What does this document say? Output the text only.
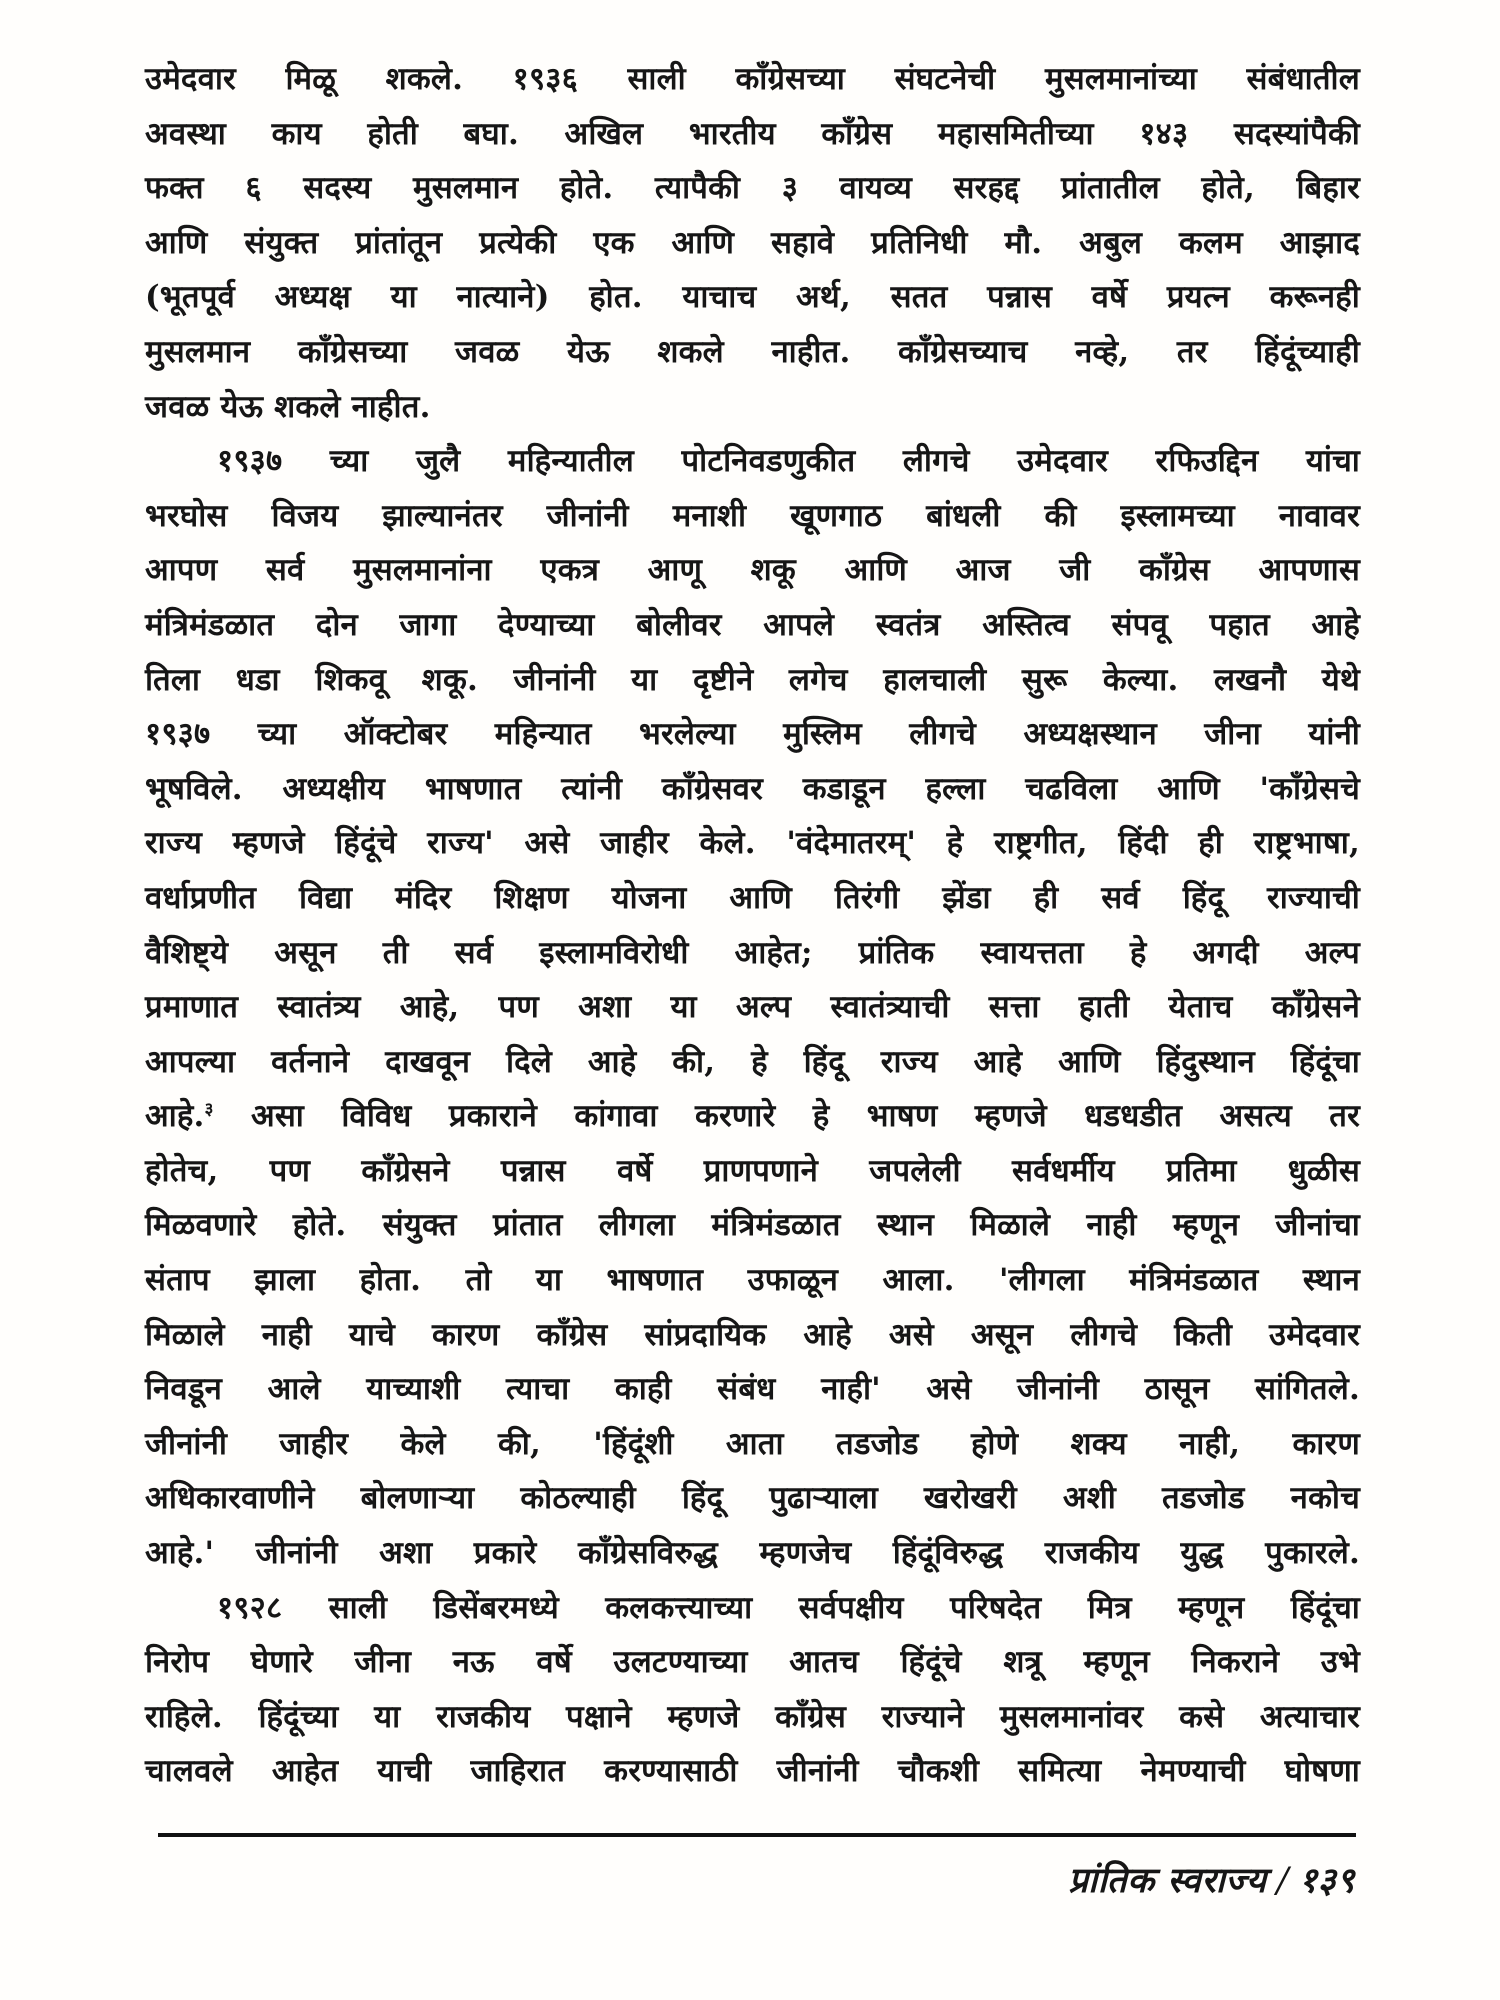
उमेदवार मिळू शकले. १९३६ साली काँग्रेसच्या संघटनेची मुसलमानांच्या संबंधातील
अवस्था काय होती बघा. अखिल भारतीय काँग्रेस महासमितीच्या १४३ सदस्यांपैकी
फक्त ६ सदस्य मुसलमान होते. त्यापैकी ३ वायव्य सरहद्द प्रांतातील होते, बिहार
आणि संयुक्त प्रांतांतून प्रत्येकी एक आणि सहावे प्रतिनिधी मौ. अबुल कलम आझाद
(भूतपूर्व अध्यक्ष या नात्याने) होत. याचाच अर्थ, सतत पन्नास वर्षे प्रयत्न करूनही
मुसलमान काँग्रेसच्या जवळ येऊ शकले नाहीत. काँग्रेसच्याच नव्हे, तर हिंदूंच्याही
जवळ येऊ शकले नाहीत.
१९३७ च्या जुलै महिन्यातील पोटनिवडणुकीत लीगचे उमेदवार रफिउद्दिन यांचा
भरघोस विजय झाल्यानंतर जीनांनी मनाशी खूणगाठ बांधली की इस्लामच्या नावावर
आपण सर्व मुसलमानांना एकत्र आणू शकू आणि आज जी काँग्रेस आपणास
मंत्रिमंडळात दोन जागा देण्याच्या बोलीवर आपले स्वतंत्र अस्तित्व संपवू पहात आहे
तिला धडा शिकवू शकू. जीनांनी या दृष्टीने लगेच हालचाली सुरू केल्या. लखनौ येथे
१९३७ च्या ऑक्टोबर महिन्यात भरलेल्या मुस्लिम लीगचे अध्यक्षस्थान जीना यांनी
भूषविले. अध्यक्षीय भाषणात त्यांनी काँग्रेसवर कडाडून हल्ला चढविला आणि 'काँग्रेसचे
राज्य म्हणजे हिंदूंचे राज्य' असे जाहीर केले. 'वंदेमातरम्' हे राष्ट्रगीत, हिंदी ही राष्ट्रभाषा,
वर्धाप्रणीत विद्या मंदिर शिक्षण योजना आणि तिरंगी झेंडा ही सर्व हिंदू राज्याची
वैशिष्ट्ये असून ती सर्व इस्लामविरोधी आहेत; प्रांतिक स्वायत्तता हे अगदी अल्प
प्रमाणात स्वातंत्र्य आहे, पण अशा या अल्प स्वातंत्र्याची सत्ता हाती येताच काँग्रेसने
आपल्या वर्तनाने दाखवून दिले आहे की, हे हिंदू राज्य आहे आणि हिंदुस्थान हिंदूंचा
आहे.$^३$ असा विविध प्रकाराने कांगावा करणारे हे भाषण म्हणजे धडधडीत असत्य तर
होतेच, पण काँग्रेसने पन्नास वर्षे प्राणपणाने जपलेली सर्वधर्मीय प्रतिमा धुळीस
मिळवणारे होते. संयुक्त प्रांतात लीगला मंत्रिमंडळात स्थान मिळाले नाही म्हणून जीनांचा
संताप झाला होता. तो या भाषणात उफाळून आला. 'लीगला मंत्रिमंडळात स्थान
मिळाले नाही याचे कारण काँग्रेस सांप्रदायिक आहे असे असून लीगचे किती उमेदवार
निवडून आले याच्याशी त्याचा काही संबंध नाही' असे जीनांनी ठासून सांगितले.
जीनांनी जाहीर केले की, 'हिंदूंशी आता तडजोड होणे शक्य नाही, कारण
अधिकारवाणीने बोलणाऱ्या कोठल्याही हिंदू पुढाऱ्याला खरोखरी अशी तडजोड नकोच
आहे.' जीनांनी अशा प्रकारे काँग्रेसविरुद्ध म्हणजेच हिंदूंविरुद्ध राजकीय युद्ध पुकारले.
१९२८ साली डिसेंबरमध्ये कलकत्त्याच्या सर्वपक्षीय परिषदेत मित्र म्हणून हिंदूंचा
निरोप घेणारे जीना नऊ वर्षे उलटण्याच्या आतच हिंदूंचे शत्रू म्हणून निकराने उभे
राहिले. हिंदूंच्या या राजकीय पक्षाने म्हणजे काँग्रेस राज्याने मुसलमानांवर कसे अत्याचार
चालवले आहेत याची जाहिरात करण्यासाठी जीनांनी चौकशी समित्या नेमण्याची घोषणा
प्रांतिक स्वराज्य / १३९
